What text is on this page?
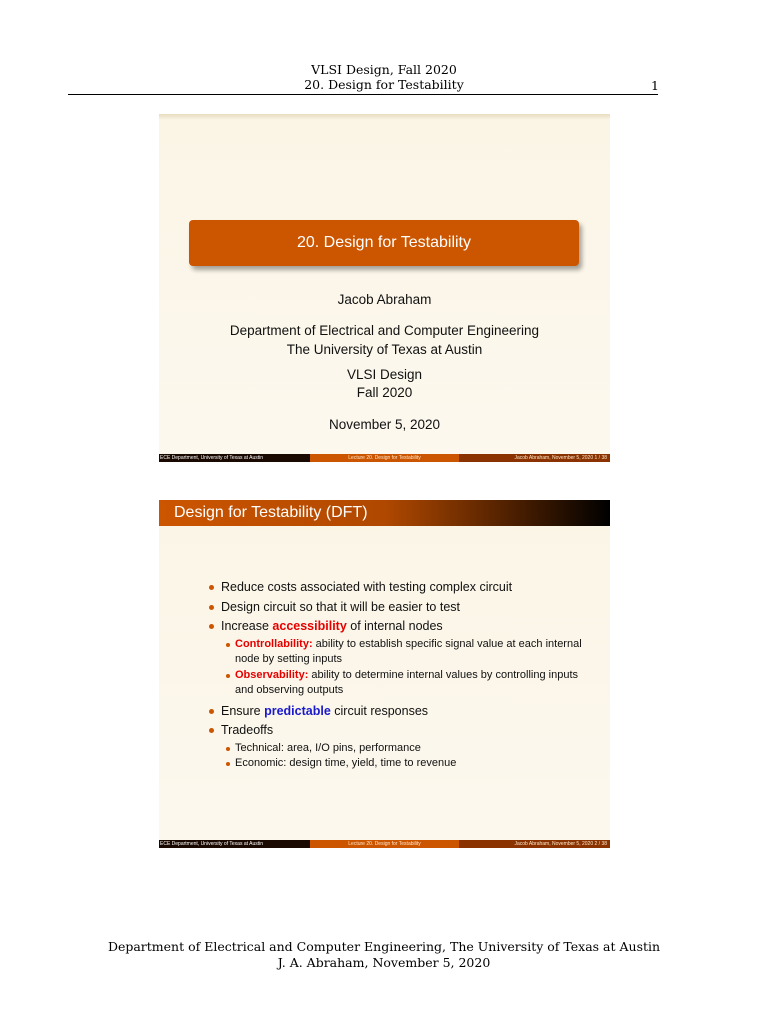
VLSI Design, Fall 2020
20. Design for Testability	1
20. Design for Testability
Jacob Abraham
Department of Electrical and Computer Engineering
The University of Texas at Austin
VLSI Design
Fall 2020
November 5, 2020
ECE Department, University of Texas at Austin	Lecture 20. Design for Testability	Jacob Abraham, November 5, 2020 1 / 38
Design for Testability (DFT)
Reduce costs associated with testing complex circuit
Design circuit so that it will be easier to test
Increase accessibility of internal nodes
Controllability: ability to establish specific signal value at each internal node by setting inputs
Observability: ability to determine internal values by controlling inputs and observing outputs
Ensure predictable circuit responses
Tradeoffs
Technical: area, I/O pins, performance
Economic: design time, yield, time to revenue
ECE Department, University of Texas at Austin	Lecture 20. Design for Testability	Jacob Abraham, November 5, 2020 2 / 38
Department of Electrical and Computer Engineering, The University of Texas at Austin
J. A. Abraham, November 5, 2020
